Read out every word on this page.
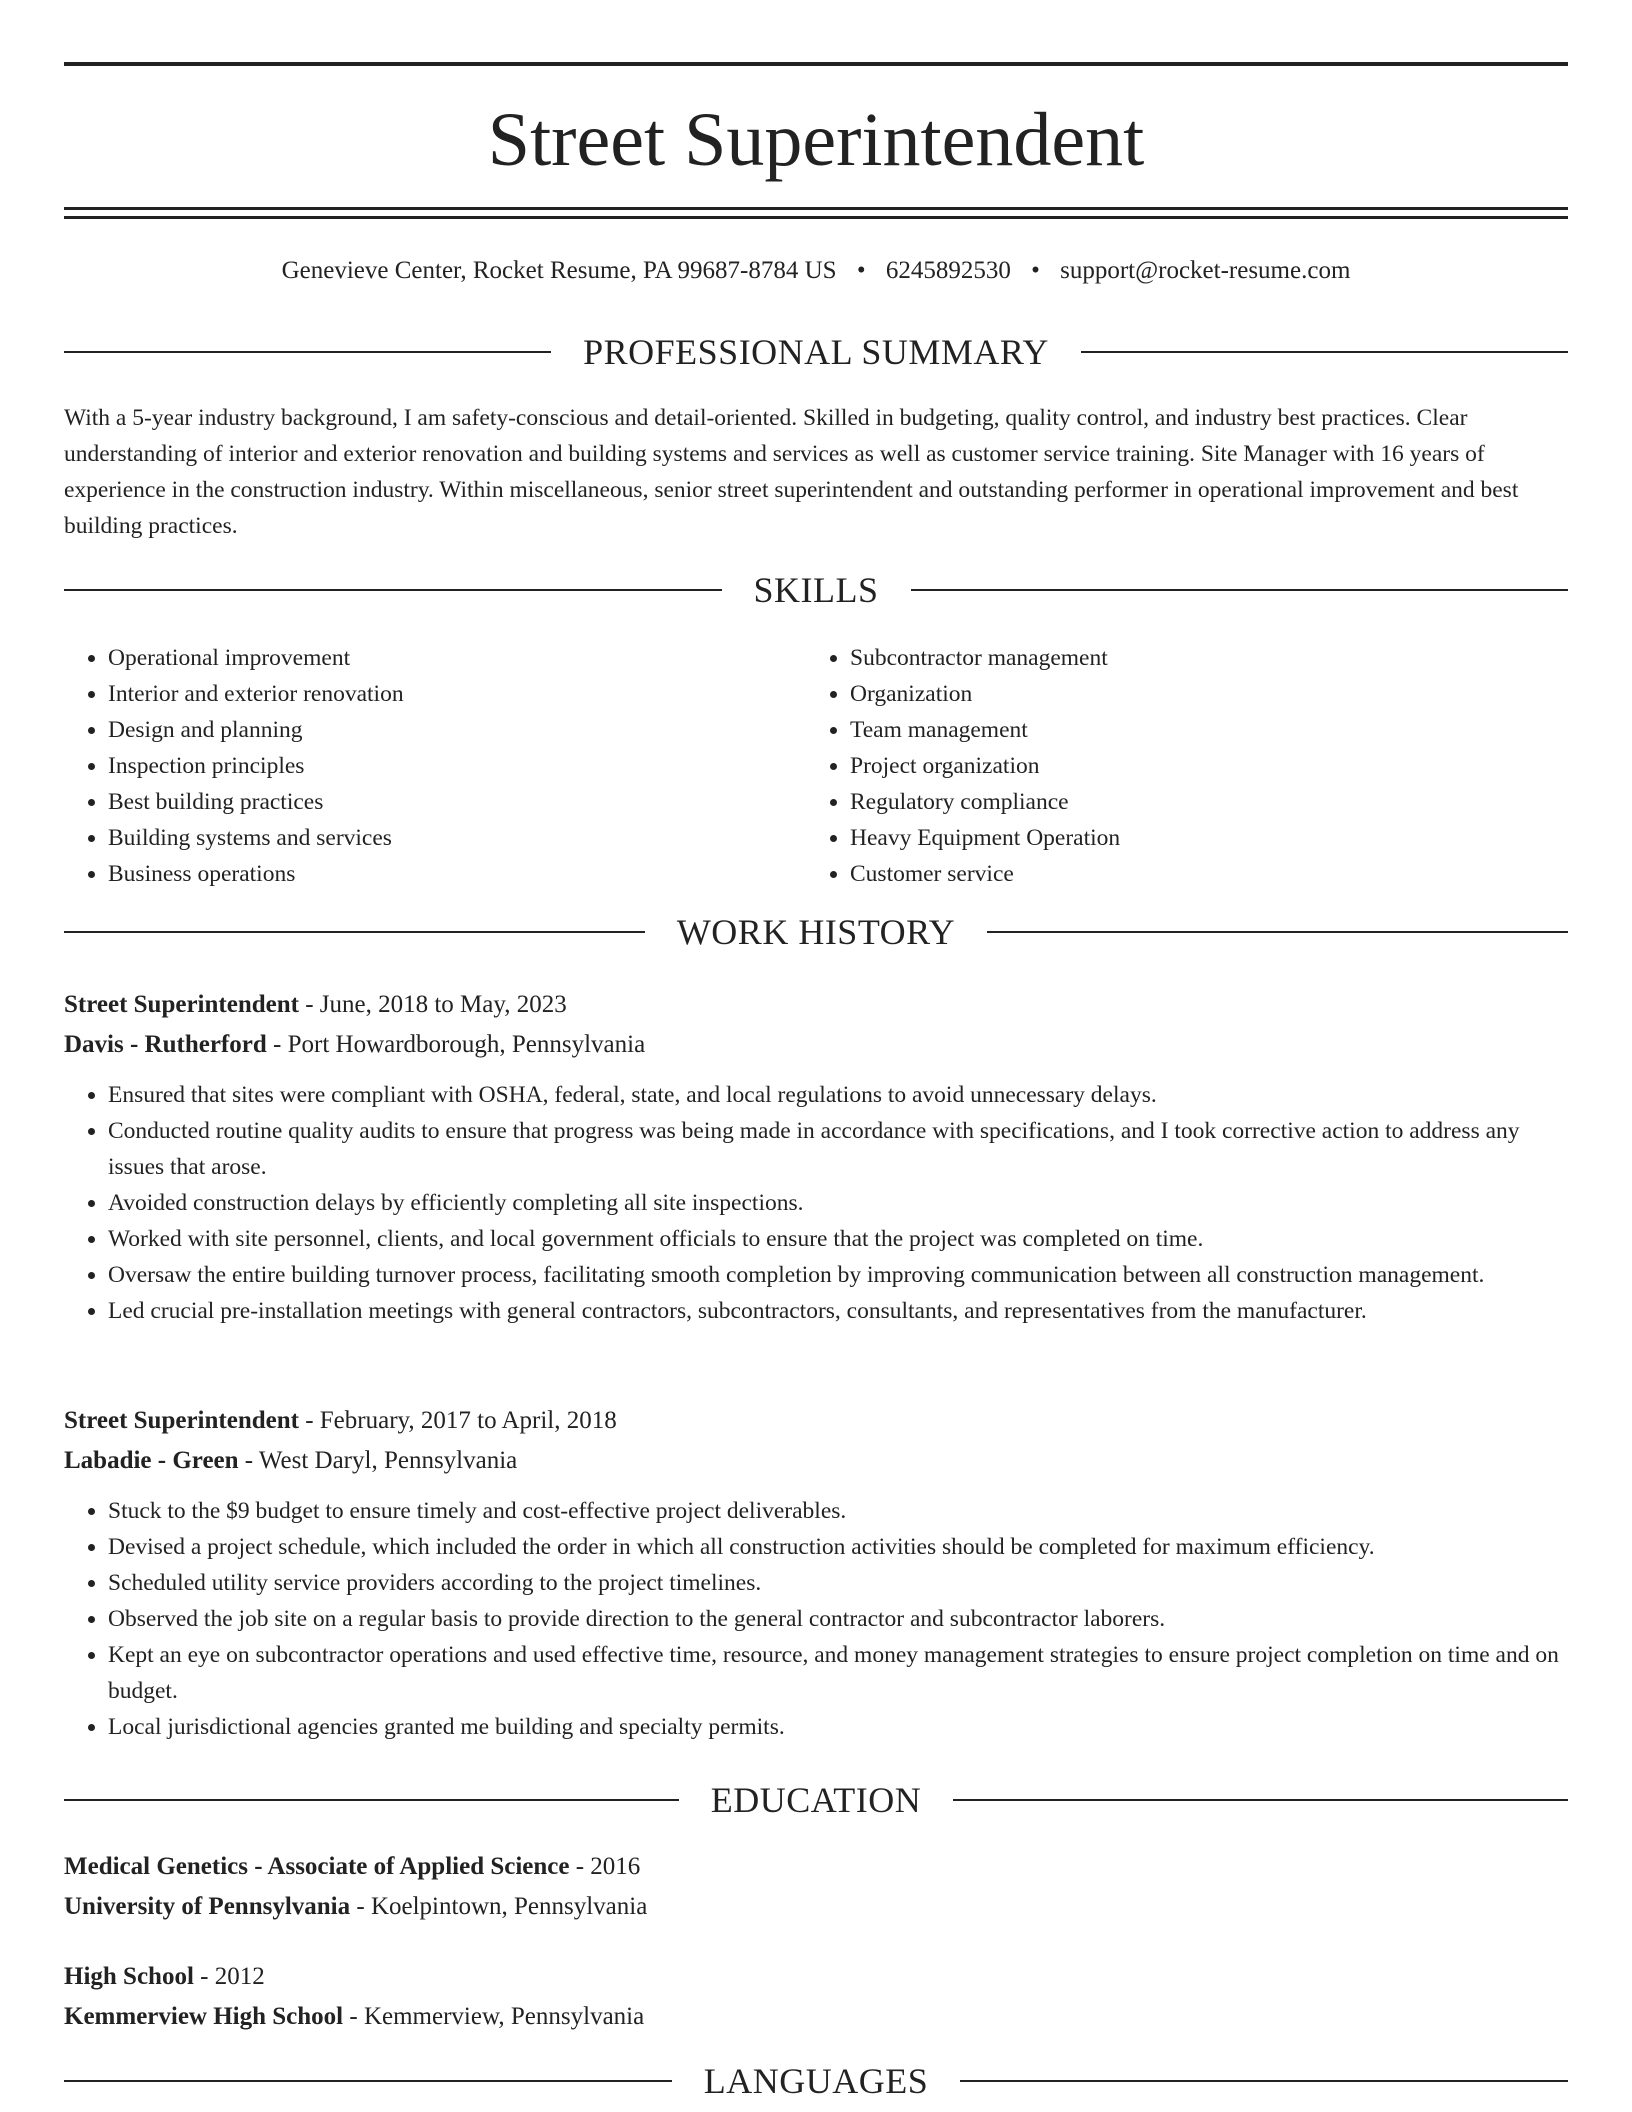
Street Superintendent
Genevieve Center, Rocket Resume, PA 99687-8784 US • 6245892530 • support@rocket-resume.com
PROFESSIONAL SUMMARY

With a 5-year industry background, I am safety-conscious and detail-oriented. Skilled in budgeting, quality control, and industry best practices. Clear understanding of interior and exterior renovation and building systems and services as well as customer service training. Site Manager with 16 years of experience in the construction industry. Within miscellaneous, senior street superintendent and outstanding performer in operational improvement and best building practices.

SKILLS
• Operational improvement
• Interior and exterior renovation
• Design and planning
• Inspection principles
• Best building practices
• Building systems and services
• Business operations
• Subcontractor management
• Organization
• Team management
• Project organization
• Regulatory compliance
• Heavy Equipment Operation
• Customer service
WORK HISTORY
Street Superintendent - June, 2018 to May, 2023
Davis - Rutherford - Port Howardborough, Pennsylvania
• Ensured that sites were compliant with OSHA, federal, state, and local regulations to avoid unnecessary delays.
• Conducted routine quality audits to ensure that progress was being made in accordance with specifications, and I took corrective action to address any issues that arose.
• Avoided construction delays by efficiently completing all site inspections.
• Worked with site personnel, clients, and local government officials to ensure that the project was completed on time.
• Oversaw the entire building turnover process, facilitating smooth completion by improving communication between all construction management.
• Led crucial pre-installation meetings with general contractors, subcontractors, consultants, and representatives from the manufacturer.
Street Superintendent - February, 2017 to April, 2018
Labadie - Green - West Daryl, Pennsylvania
• Stuck to the $9 budget to ensure timely and cost-effective project deliverables.
• Devised a project schedule, which included the order in which all construction activities should be completed for maximum efficiency.
• Scheduled utility service providers according to the project timelines.
• Observed the job site on a regular basis to provide direction to the general contractor and subcontractor laborers.
• Kept an eye on subcontractor operations and used effective time, resource, and money management strategies to ensure project completion on time and on budget.
• Local jurisdictional agencies granted me building and specialty permits.
EDUCATION
Medical Genetics - Associate of Applied Science - 2016
University of Pennsylvania - Koelpintown, Pennsylvania
High School - 2012
Kemmerview High School - Kemmerview, Pennsylvania
LANGUAGES
